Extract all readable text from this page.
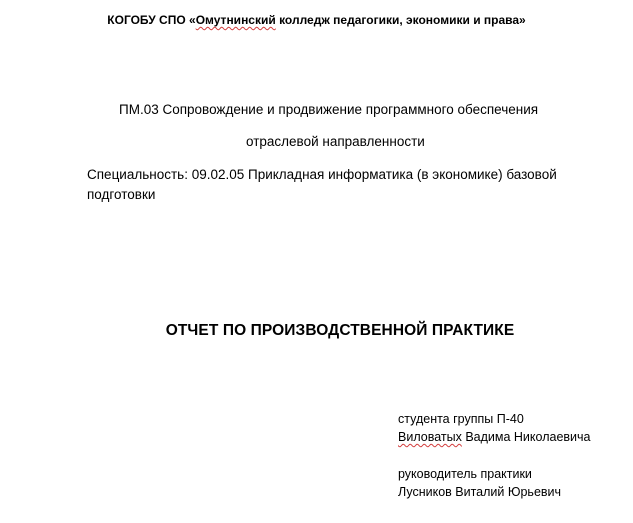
КОГОБУ СПО «Омутнинский колледж педагогики, экономики и права»
ПМ.03 Сопровождение и продвижение программного обеспечения
отраслевой направленности
Специальность: 09.02.05 Прикладная информатика (в экономике) базовой
подготовки
ОТЧЕТ ПО ПРОИЗВОДСТВЕННОЙ ПРАКТИКЕ
студента группы П-40
Виловатых Вадима Николаевича
руководитель практики
Лусников Виталий Юрьевич
